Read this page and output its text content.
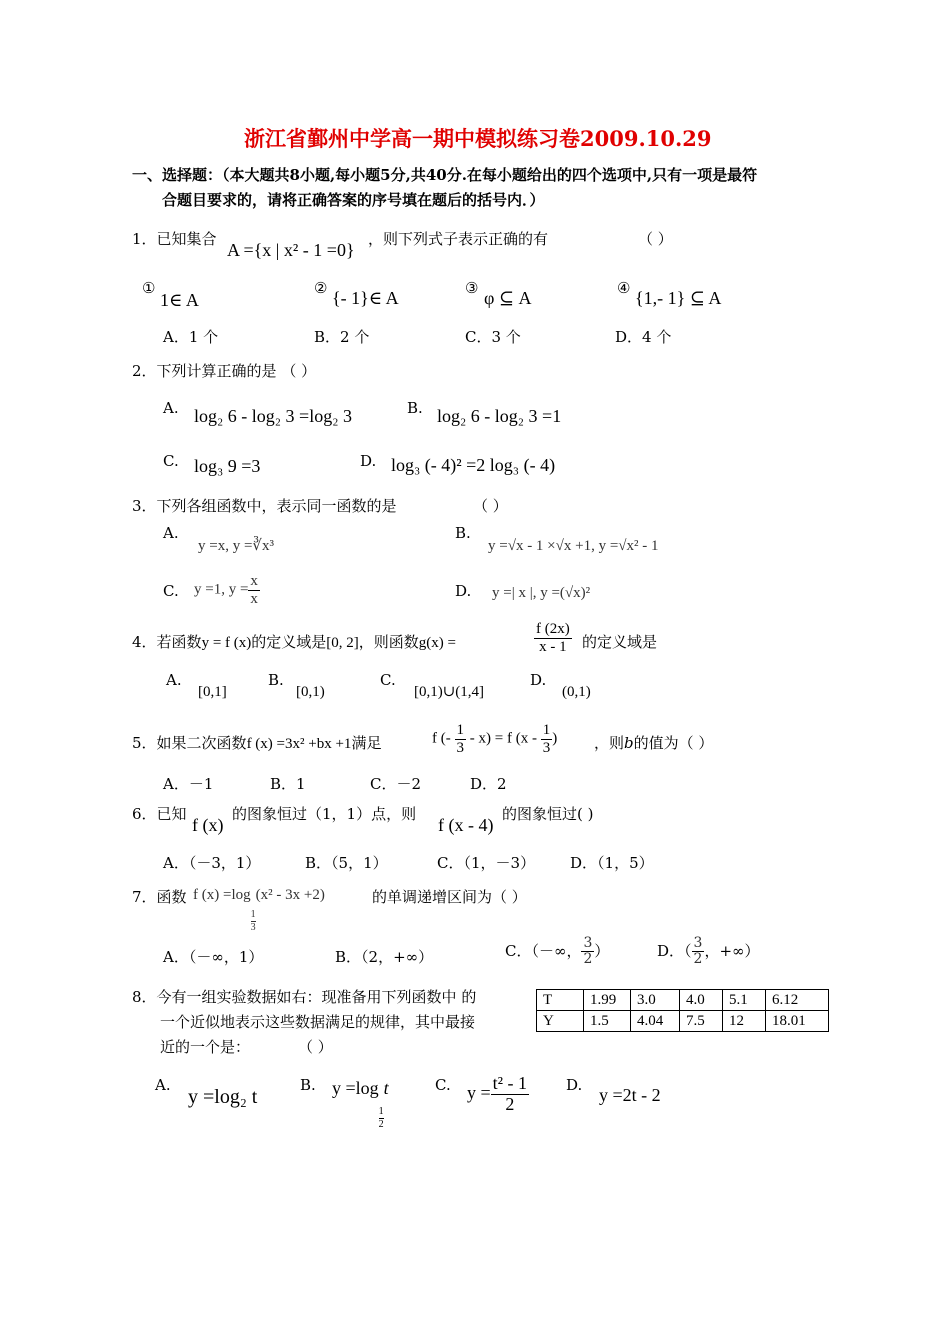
浙江省鄞州中学高一期中模拟练习卷2009.10.29
一、选择题：（本大题共8小题,每小题5分,共40分.在每小题给出的四个选项中,只有一项是最符
合题目要求的，请将正确答案的序号填在题后的括号内．）
1．已知集合
A ={x | x² - 1 =0}
，则下列式子表示正确的有	（ ）
①
1∈ A
② {- 1}∈ A	③ φ ⊆ A	④ {1,- 1} ⊆ A
A．1 个	B．2 个	C．3 个	D．4 个
2．下列计算正确的是 （ ）
A. log₂ 6 - log₂ 3 =log₂ 3	B. log₂ 6 - log₂ 3 =1
C. log₃ 9 =3	D. log₃ (- 4)² =2 log₃ (- 4)
3．下列各组函数中，表示同一函数的是	（ ）
A.
y =x, y =∛x³
B.
y =√x - 1 ×√x +1, y =√x² - 1
C. y =1, $y = \frac{x}{x}$	D. y =| x |, y =(√x)²
4．若函数y = f (x)的定义域是[0, 2]，则函数g(x) =	$\frac{f (2x)}{x - 1}$ 的定义域是
A.
[0,1]
B.
[0,1)
C.
[0,1)∪(1,4]
D.
(0,1)
5．如果二次函数f (x) =3x² +bx +1满足	f (- $\frac{1}{3} - x) = f$ ($x - \frac{1}{3}$ ) ，则b的值为（ ）
A．－1	B．1	C．－2	D．2
6．已知
f (x)
的图象恒过（1，1）点，则
f (x - 4)
的图象恒过( )
A．（－3，1）	B．（5，1）	C．（1，－3） D．（1，5）
7．函数 f (x) =log
$\frac{1}{3}$
(x² - 3x +2)	的单调递增区间为（ ）
A．（－∞，1）	B．（2，+∞）	C．（－∞， $\frac{3}{2}$ ）	D．（ $\frac{3}{2}$ ，+∞）
8．今有一组实验数据如右：现准备用下列函数中 的
一个近似地表示这些数据满足的规律，其中最接
近的一个是：	（ ）
T	1.99	3.0	4.0	5.1	6.12
Y	1.5	4.04	7.5	12	18.01
A.
y =log₂ t
B. y =log
$\frac{1}{2}$
t	C. $y = \frac{\text{t² - 1}}{2} D$. y =2t - 2
